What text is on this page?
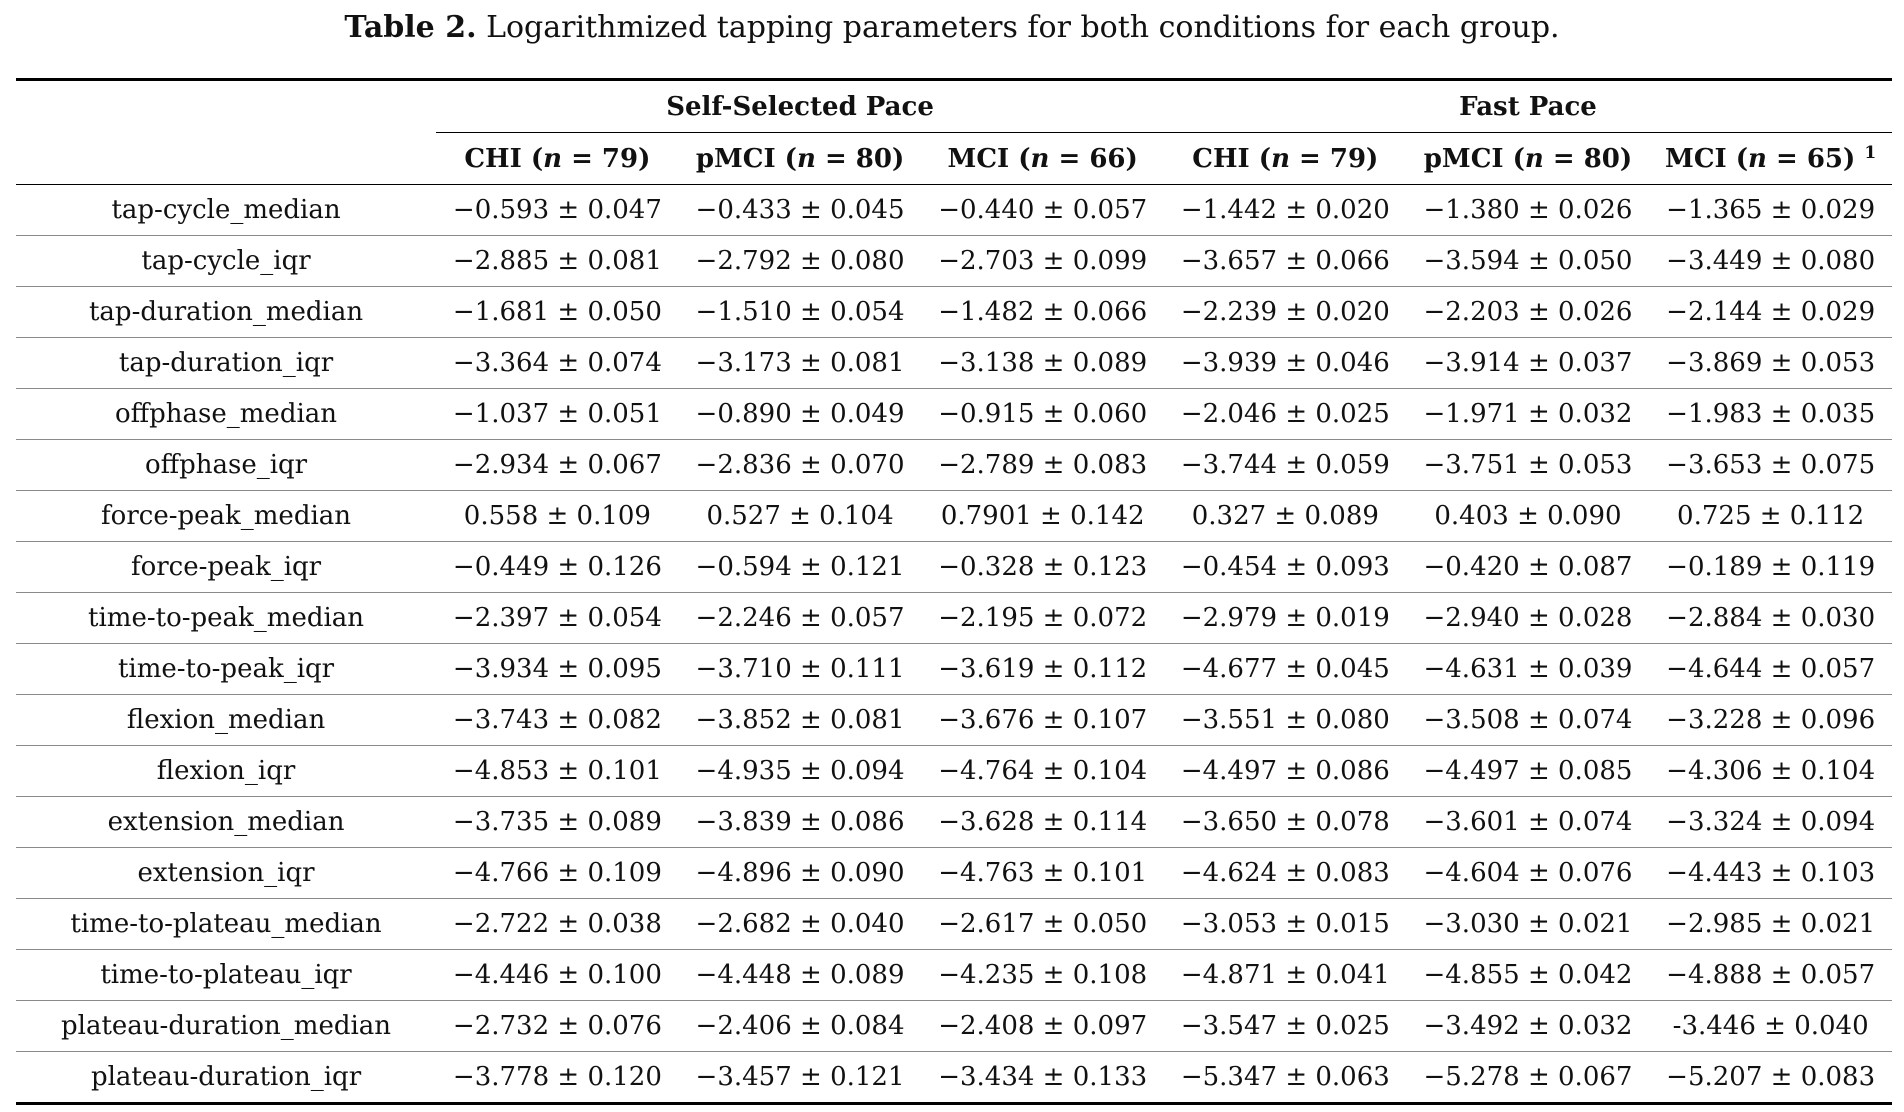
Table 2. Logarithmized tapping parameters for both conditions for each group.
	Self-Selected Pace			Fast Pace		
	CHI (n = 79)	pMCI (n = 80)	MCI (n = 66)	CHI (n = 79)	pMCI (n = 80)	MCI (n = 65) $^1$
tap-cycle_median	−0.593 ± 0.047	−0.433 ± 0.045	−0.440 ± 0.057	−1.442 ± 0.020	−1.380 ± 0.026	−1.365 ± 0.029
tap-cycle_iqr	−2.885 ± 0.081	−2.792 ± 0.080	−2.703 ± 0.099	−3.657 ± 0.066	−3.594 ± 0.050	−3.449 ± 0.080
tap-duration_median	−1.681 ± 0.050	−1.510 ± 0.054	−1.482 ± 0.066	−2.239 ± 0.020	−2.203 ± 0.026	−2.144 ± 0.029
tap-duration_iqr	−3.364 ± 0.074	−3.173 ± 0.081	−3.138 ± 0.089	−3.939 ± 0.046	−3.914 ± 0.037	−3.869 ± 0.053
offphase_median	−1.037 ± 0.051	−0.890 ± 0.049	−0.915 ± 0.060	−2.046 ± 0.025	−1.971 ± 0.032	−1.983 ± 0.035
offphase_iqr	−2.934 ± 0.067	−2.836 ± 0.070	−2.789 ± 0.083	−3.744 ± 0.059	−3.751 ± 0.053	−3.653 ± 0.075
force-peak_median	0.558 ± 0.109	0.527 ± 0.104	0.7901 ± 0.142	0.327 ± 0.089	0.403 ± 0.090	0.725 ± 0.112
force-peak_iqr	−0.449 ± 0.126	−0.594 ± 0.121	−0.328 ± 0.123	−0.454 ± 0.093	−0.420 ± 0.087	−0.189 ± 0.119
time-to-peak_median	−2.397 ± 0.054	−2.246 ± 0.057	−2.195 ± 0.072	−2.979 ± 0.019	−2.940 ± 0.028	−2.884 ± 0.030
time-to-peak_iqr	−3.934 ± 0.095	−3.710 ± 0.111	−3.619 ± 0.112	−4.677 ± 0.045	−4.631 ± 0.039	−4.644 ± 0.057
flexion_median	−3.743 ± 0.082	−3.852 ± 0.081	−3.676 ± 0.107	−3.551 ± 0.080	−3.508 ± 0.074	−3.228 ± 0.096
flexion_iqr	−4.853 ± 0.101	−4.935 ± 0.094	−4.764 ± 0.104	−4.497 ± 0.086	−4.497 ± 0.085	−4.306 ± 0.104
extension_median	−3.735 ± 0.089	−3.839 ± 0.086	−3.628 ± 0.114	−3.650 ± 0.078	−3.601 ± 0.074	−3.324 ± 0.094
extension_iqr	−4.766 ± 0.109	−4.896 ± 0.090	−4.763 ± 0.101	−4.624 ± 0.083	−4.604 ± 0.076	−4.443 ± 0.103
time-to-plateau_median	−2.722 ± 0.038	−2.682 ± 0.040	−2.617 ± 0.050	−3.053 ± 0.015	−3.030 ± 0.021	−2.985 ± 0.021
time-to-plateau_iqr	−4.446 ± 0.100	−4.448 ± 0.089	−4.235 ± 0.108	−4.871 ± 0.041	−4.855 ± 0.042	−4.888 ± 0.057
plateau-duration_median	−2.732 ± 0.076	−2.406 ± 0.084	−2.408 ± 0.097	−3.547 ± 0.025	−3.492 ± 0.032	-3.446 ± 0.040
plateau-duration_iqr	−3.778 ± 0.120	−3.457 ± 0.121	−3.434 ± 0.133	−5.347 ± 0.063	−5.278 ± 0.067	−5.207 ± 0.083
